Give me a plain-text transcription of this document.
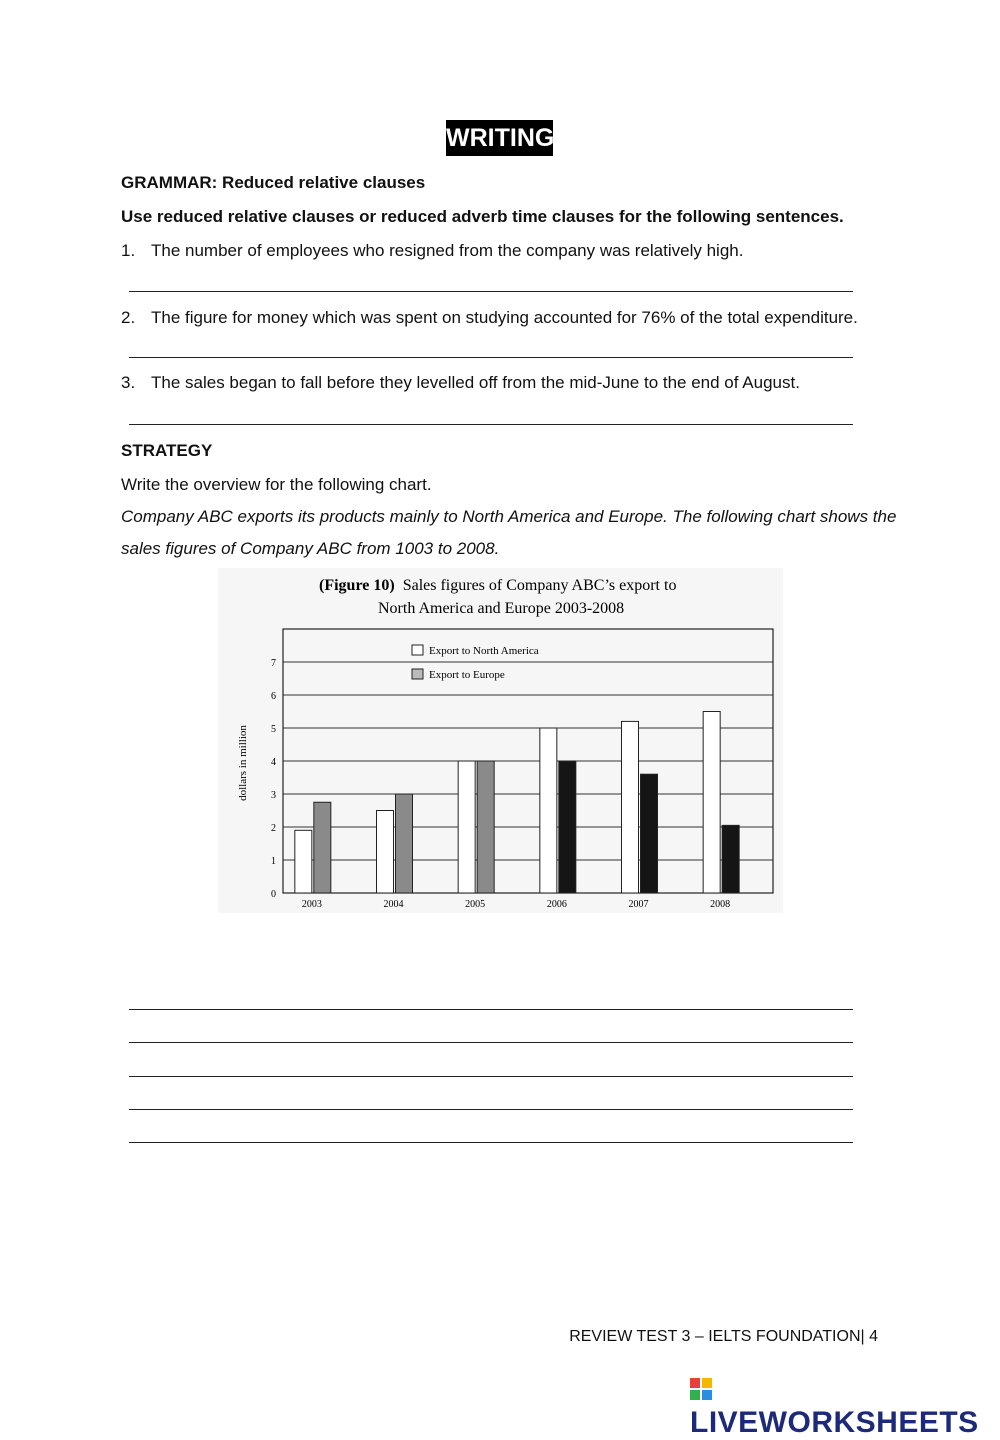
WRITING
GRAMMAR: Reduced relative clauses
Use reduced relative clauses or reduced adverb time clauses for the following sentences.
1. The number of employees who resigned from the company was relatively high.
2. The figure for money which was spent on studying accounted for 76% of the total expenditure.
3. The sales began to fall before they levelled off from the mid-June to the end of August.
STRATEGY
Write the overview for the following chart.
Company ABC exports its products mainly to North America and Europe. The following chart shows the
sales figures of Company ABC from 1003 to 2008.
(Figure 10) Sales figures of Company ABC’s export to
North America and Europe 2003-2008
0
1
2
3
4
5
6
7
2003	2004	2005	2006	2007	2008
dollars in million
Export to North America
Export to Europe
REVIEW TEST 3 – IELTS FOUNDATION| 4
LIVEWORKSHEETS
